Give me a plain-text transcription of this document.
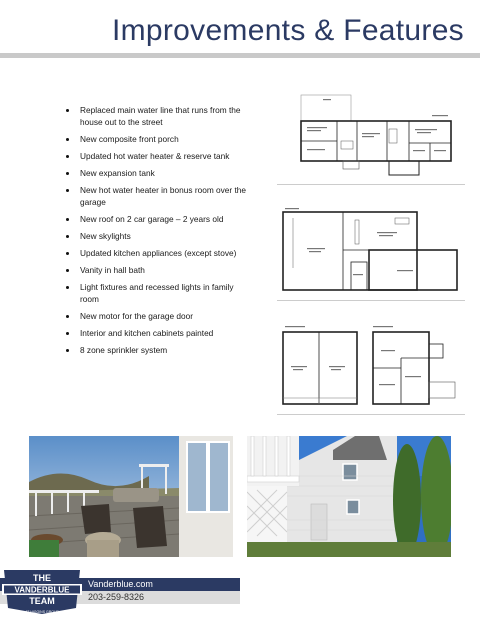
Improvements & Features
Replaced main water line that runs from the house out to the street
New composite front porch
Updated hot water heater & reserve tank
New expansion tank
New hot water heater in bonus room over the garage
New roof on 2 car garage – 2 years old
New skylights
Updated kitchen appliances (except stove)
Vanity in hall bath
Light fixtures and recessed lights in family room
New motor for the garage door
Interior and kitchen cabinets painted
8 zone sprinkler system
Vanderblue.com
203-259-8326
THE
VANDERBLUE
TEAM
AT HIGGINS GROUP
